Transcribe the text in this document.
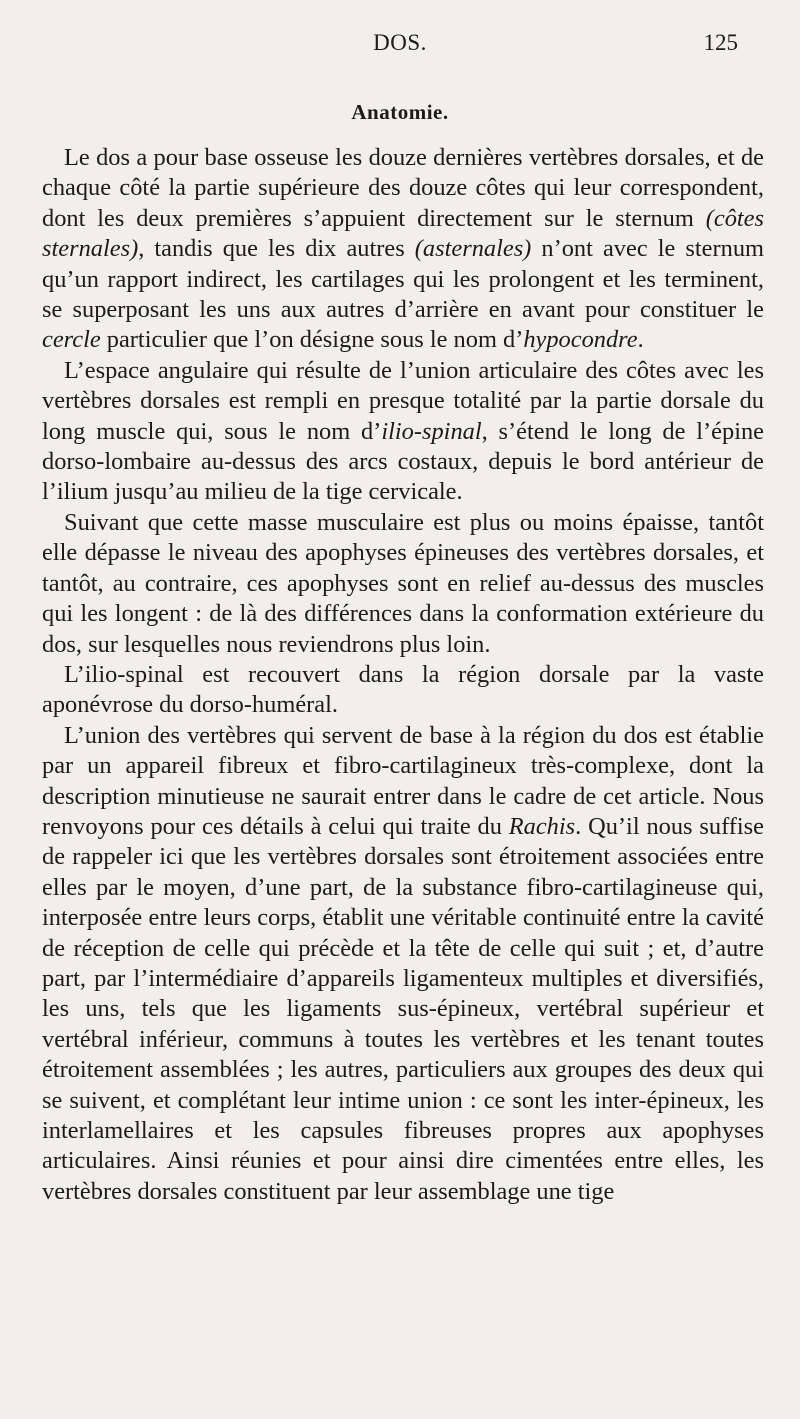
DOS.	125
Anatomie.

Le dos a pour base osseuse les douze dernières vertèbres dorsales, et de chaque côté la partie supérieure des douze côtes qui leur correspondent, dont les deux premières s’appuient directement sur le sternum (côtes sternales), tandis que les dix autres (asternales) n’ont avec le sternum qu’un rapport indirect, les cartilages qui les prolongent et les terminent, se superposant les uns aux autres d’arrière en avant pour constituer le cercle particulier que l’on désigne sous le nom d’hypocondre.

L’espace angulaire qui résulte de l’union articulaire des côtes avec les vertèbres dorsales est rempli en presque totalité par la partie dorsale du long muscle qui, sous le nom d’ilio-spinal, s’étend le long de l’épine dorso-lombaire au-dessus des arcs costaux, depuis le bord antérieur de l’ilium jusqu’au milieu de la tige cervicale.

Suivant que cette masse musculaire est plus ou moins épaisse, tantôt elle dépasse le niveau des apophyses épineuses des vertèbres dorsales, et tantôt, au contraire, ces apophyses sont en relief au-dessus des muscles qui les longent : de là des différences dans la conformation extérieure du dos, sur lesquelles nous reviendrons plus loin.

L’ilio-spinal est recouvert dans la région dorsale par la vaste aponévrose du dorso-huméral.

L’union des vertèbres qui servent de base à la région du dos est établie par un appareil fibreux et fibro-cartilagineux très-complexe, dont la description minutieuse ne saurait entrer dans le cadre de cet article. Nous renvoyons pour ces détails à celui qui traite du Rachis. Qu’il nous suffise de rappeler ici que les vertèbres dorsales sont étroitement associées entre elles par le moyen, d’une part, de la substance fibro-cartilagineuse qui, interposée entre leurs corps, établit une véritable continuité entre la cavité de réception de celle qui précède et la tête de celle qui suit ; et, d’autre part, par l’intermédiaire d’appareils ligamenteux multiples et diversifiés, les uns, tels que les ligaments sus-épineux, vertébral supérieur et vertébral inférieur, communs à toutes les vertèbres et les tenant toutes étroitement assemblées ; les autres, particuliers aux groupes des deux qui se suivent, et complétant leur intime union : ce sont les inter-épineux, les interlamellaires et les capsules fibreuses propres aux apophyses articulaires. Ainsi réunies et pour ainsi dire cimentées entre elles, les vertèbres dorsales constituent par leur assemblage une tige
